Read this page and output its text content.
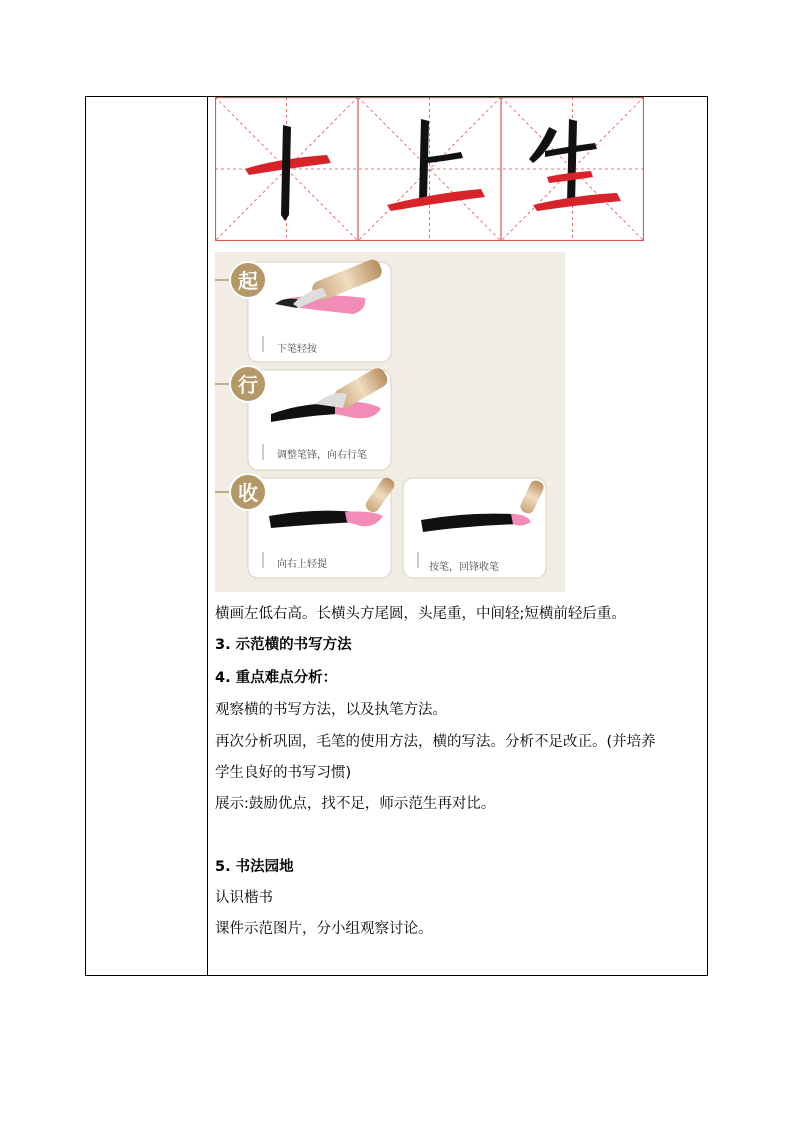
起
行
收
下笔轻按
调整笔锋，向右行笔
向右上轻提	按笔，回锋收笔
横画左低右高。长横头方尾圆，头尾重，中间轻;短横前轻后重。
3. 示范横的书写方法
4. 重点难点分析：
观察横的书写方法，以及执笔方法。
再次分析巩固，毛笔的使用方法，横的写法。分析不足改正。(并培养
学生良好的书写习惯)
展示:鼓励优点，找不足，师示范生再对比。
5. 书法园地
认识楷书
课件示范图片，分小组观察讨论。
